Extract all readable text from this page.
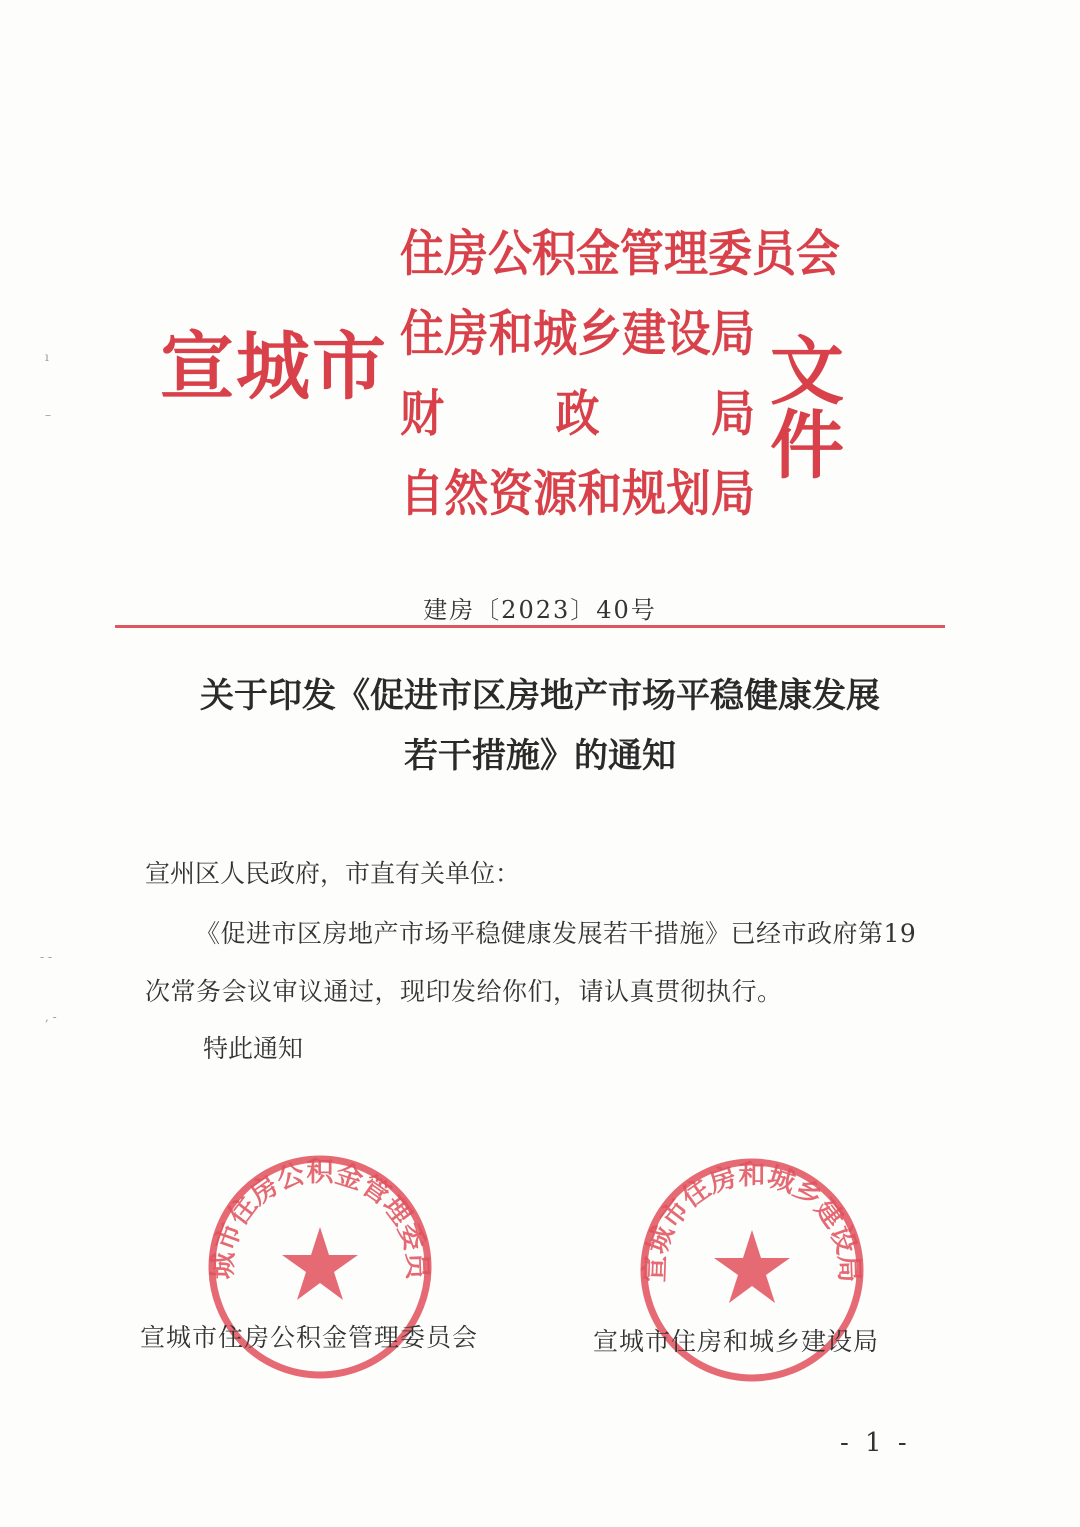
宣城市
住 房 公 积 金 管 理 委 员 会
住 房 和 城 乡 建 设 局
财	政	局
自 然 资 源 和 规 划 局
文件
建房〔2023〕40号
关于印发《促进市区房地产市场平稳健康发展
若干措施》的通知
宣州区人民政府，市直有关单位：
《促进市区房地产市场平稳健康发展若干措施》已经市政府第19次常务会议审议通过，现印发给你们，请认真贯彻执行。
特此通知
宣城市住房公积金管理委员会
宣城市住房和城乡建设局
宣城市住房公积金管理委员会	宣城市住房和城乡建设局
- 1 -
ı
–
- -
, -
